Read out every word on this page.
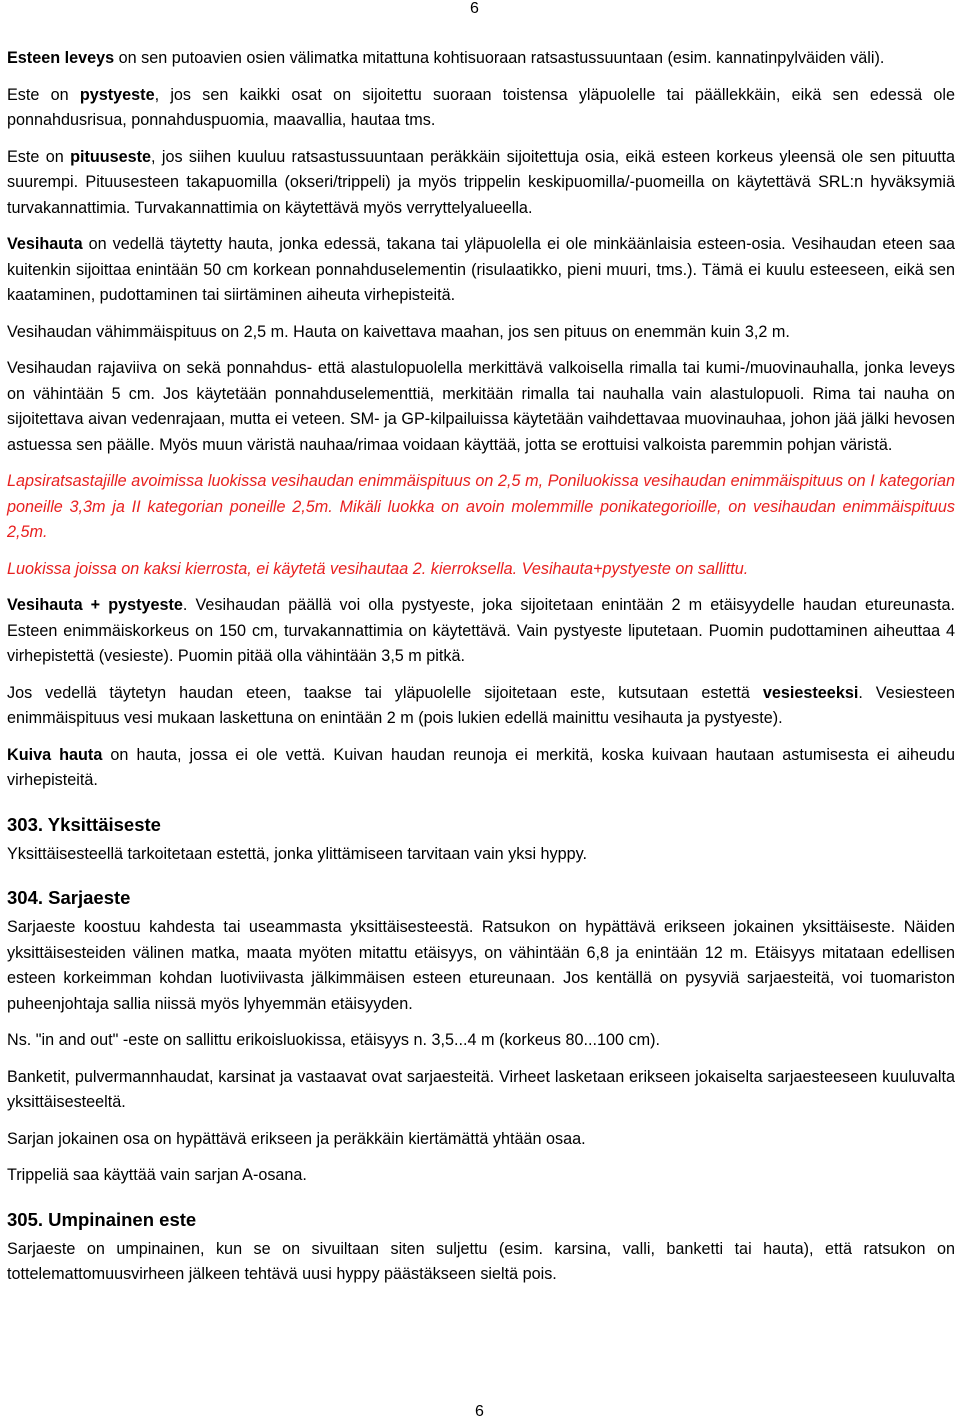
6

Esteen leveys on sen putoavien osien välimatka mitattuna kohtisuoraan ratsastussuuntaan (esim. kannatinpylväiden väli).

Este on pystyeste, jos sen kaikki osat on sijoitettu suoraan toistensa yläpuolelle tai päällekkäin, eikä sen edessä ole ponnahdusrisua, ponnahduspuomia, maavallia, hautaa tms.

Este on pituuseste, jos siihen kuuluu ratsastussuuntaan peräkkäin sijoitettuja osia, eikä esteen korkeus yleensä ole sen pituutta suurempi. Pituusesteen takapuomilla (okseri/trippeli) ja myös trippelin keskipuomilla/-puomeilla on käytettävä SRL:n hyväksymiä turvakannattimia. Turvakannattimia on käytettävä myös verryttelyalueella.

Vesihauta on vedellä täytetty hauta, jonka edessä, takana tai yläpuolella ei ole minkäänlaisia esteen-osia. Vesihaudan eteen saa kuitenkin sijoittaa enintään 50 cm korkean ponnahduselementin (risulaatikko, pieni muuri, tms.). Tämä ei kuulu esteeseen, eikä sen kaataminen, pudottaminen tai siirtäminen aiheuta virhepisteitä.

Vesihaudan vähimmäispituus on 2,5 m. Hauta on kaivettava maahan, jos sen pituus on enemmän kuin 3,2 m.

Vesihaudan rajaviiva on sekä ponnahdus- että alastulopuolella merkittävä valkoisella rimalla tai kumi-/muovinauhalla, jonka leveys on vähintään 5 cm. Jos käytetään ponnahduselementtiä, merkitään rimalla tai nauhalla vain alastulopuoli. Rima tai nauha on sijoitettava aivan vedenrajaan, mutta ei veteen. SM- ja GP-kilpailuissa käytetään vaihdettavaa muovinauhaa, johon jää jälki hevosen astuessa sen päälle. Myös muun väristä nauhaa/rimaa voidaan käyttää, jotta se erottuisi valkoista paremmin pohjan väristä.

Lapsiratsastajille avoimissa luokissa vesihaudan enimmäispituus on 2,5 m, Poniluokissa vesihaudan enimmäispituus on I kategorian poneille 3,3m ja II kategorian poneille 2,5m. Mikäli luokka on avoin molemmille ponikategorioille, on vesihaudan enimmäispituus 2,5m.

Luokissa joissa on kaksi kierrosta, ei käytetä vesihautaa 2. kierroksella. Vesihauta+pystyeste on sallittu.

Vesihauta + pystyeste. Vesihaudan päällä voi olla pystyeste, joka sijoitetaan enintään 2 m etäisyydelle haudan etureunasta. Esteen enimmäiskorkeus on 150 cm, turvakannattimia on käytettävä. Vain pystyeste liputetaan. Puomin pudottaminen aiheuttaa 4 virhepistettä (vesieste). Puomin pitää olla vähintään 3,5 m pitkä.

Jos vedellä täytetyn haudan eteen, taakse tai yläpuolelle sijoitetaan este, kutsutaan estettä vesiesteeksi. Vesiesteen enimmäispituus vesi mukaan laskettuna on enintään 2 m (pois lukien edellä mainittu vesihauta ja pystyeste).

Kuiva hauta on hauta, jossa ei ole vettä. Kuivan haudan reunoja ei merkitä, koska kuivaan hautaan astumisesta ei aiheudu virhepisteitä.

303. Yksittäiseste

Yksittäisesteellä tarkoitetaan estettä, jonka ylittämiseen tarvitaan vain yksi hyppy.

304. Sarjaeste

Sarjaeste koostuu kahdesta tai useammasta yksittäisesteestä. Ratsukon on hypättävä erikseen jokainen yksittäiseste. Näiden yksittäisesteiden välinen matka, maata myöten mitattu etäisyys, on vähintään 6,8 ja enintään 12 m. Etäisyys mitataan edellisen esteen korkeimman kohdan luotiviivasta jälkimmäisen esteen etureunaan. Jos kentällä on pysyviä sarjaesteitä, voi tuomariston puheenjohtaja sallia niissä myös lyhyemmän etäisyyden.

Ns. "in and out" -este on sallittu erikoisluokissa, etäisyys n. 3,5...4 m (korkeus 80...100 cm).

Banketit, pulvermannhaudat, karsinat ja vastaavat ovat sarjaesteitä. Virheet lasketaan erikseen jokaiselta sarjaesteeseen kuuluvalta yksittäisesteeltä.

Sarjan jokainen osa on hypättävä erikseen ja peräkkäin kiertämättä yhtään osaa.

Trippeliä saa käyttää vain sarjan A-osana.

305. Umpinainen este

Sarjaeste on umpinainen, kun se on sivuiltaan siten suljettu (esim. karsina, valli, banketti tai hauta), että ratsukon on tottelemattomuusvirheen jälkeen tehtävä uusi hyppy päästäkseen sieltä pois.

6
